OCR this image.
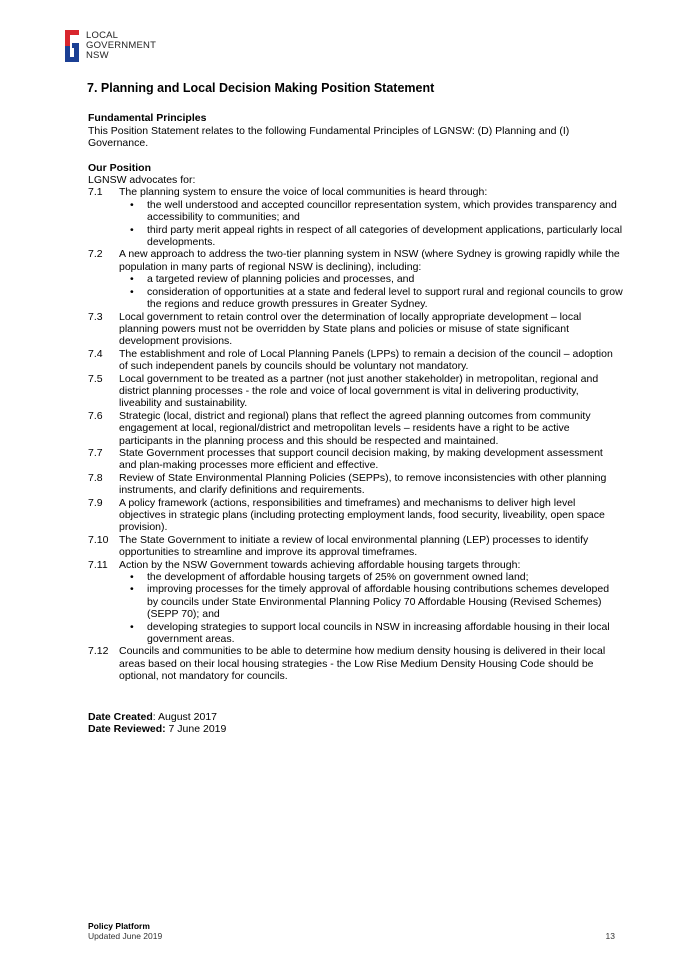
LOCAL
GOVERNMENT
NSW
7. Planning and Local Decision Making Position Statement

Fundamental Principles

This Position Statement relates to the following Fundamental Principles of LGNSW: (D) Planning and (I) Governance.

Our Position

LGNSW advocates for:
7.1 The planning system to ensure the voice of local communities is heard through:
• the well understood and accepted councillor representation system, which provides transparency and accessibility to communities; and
• third party merit appeal rights in respect of all categories of development applications, particularly local developments.
7.2 A new approach to address the two-tier planning system in NSW (where Sydney is growing rapidly while the population in many parts of regional NSW is declining), including:
• a targeted review of planning policies and processes, and
• consideration of opportunities at a state and federal level to support rural and regional councils to grow the regions and reduce growth pressures in Greater Sydney.
7.3 Local government to retain control over the determination of locally appropriate development – local planning powers must not be overridden by State plans and policies or misuse of state significant development provisions.
7.4 The establishment and role of Local Planning Panels (LPPs) to remain a decision of the council – adoption of such independent panels by councils should be voluntary not mandatory.
7.5 Local government to be treated as a partner (not just another stakeholder) in metropolitan, regional and district planning processes - the role and voice of local government is vital in delivering productivity, liveability and sustainability.
7.6 Strategic (local, district and regional) plans that reflect the agreed planning outcomes from community engagement at local, regional/district and metropolitan levels – residents have a right to be active participants in the planning process and this should be respected and maintained.
7.7 State Government processes that support council decision making, by making development assessment and plan-making processes more efficient and effective.
7.8 Review of State Environmental Planning Policies (SEPPs), to remove inconsistencies with other planning instruments, and clarify definitions and requirements.
7.9 A policy framework (actions, responsibilities and timeframes) and mechanisms to deliver high level objectives in strategic plans (including protecting employment lands, food security, liveability, open space provision).
7.10 The State Government to initiate a review of local environmental planning (LEP) processes to identify opportunities to streamline and improve its approval timeframes.
7.11 Action by the NSW Government towards achieving affordable housing targets through:
• the development of affordable housing targets of 25% on government owned land;
• improving processes for the timely approval of affordable housing contributions schemes developed by councils under State Environmental Planning Policy 70 Affordable Housing (Revised Schemes) (SEPP 70); and
• developing strategies to support local councils in NSW in increasing affordable housing in their local government areas.
7.12 Councils and communities to be able to determine how medium density housing is delivered in their local areas based on their local housing strategies - the Low Rise Medium Density Housing Code should be optional, not mandatory for councils.
Date Created: August 2017
Date Reviewed: 7 June 2019
Policy Platform
Updated June 2019	13
